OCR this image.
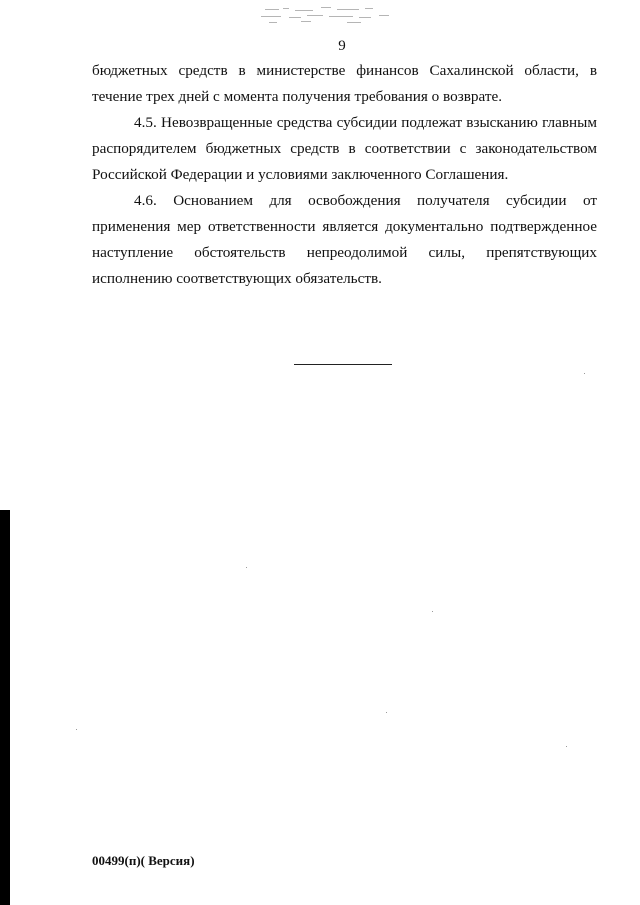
9

бюджетных средств в министерстве финансов Сахалинской области, в течение трех дней с момента получения требования о возврате.

4.5. Невозвращенные средства субсидии подлежат взысканию главным распорядителем бюджетных средств в соответствии с законодательством Российской Федерации и условиями заключенного Соглашения.

4.6. Основанием для освобождения получателя субсидии от применения мер ответственности является документально подтвержденное наступление обстоятельств непреодолимой силы, препятствующих исполнению соответствующих обязательств.

00499(п)( Версия)
